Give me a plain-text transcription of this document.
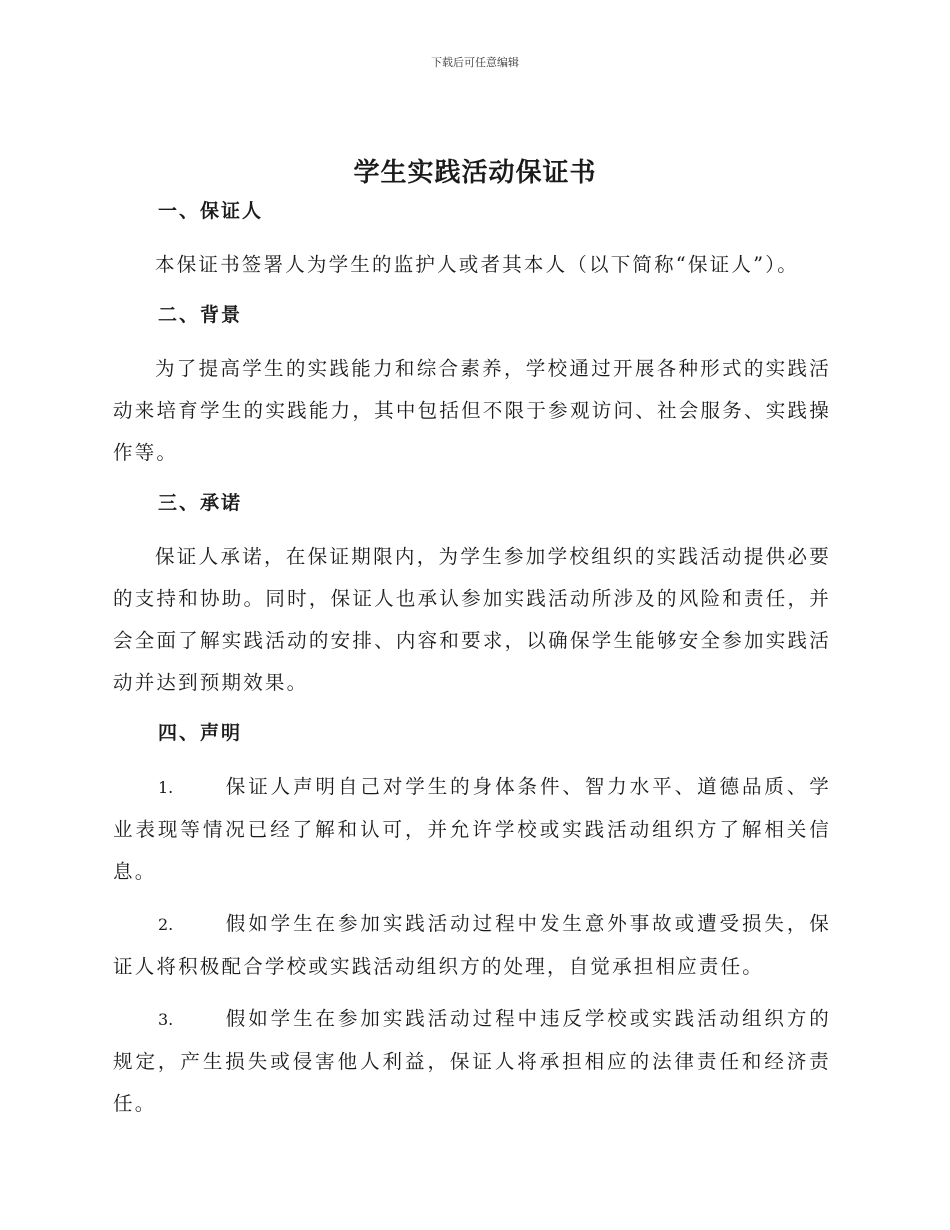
下载后可任意编辑
学生实践活动保证书
一、保证人

本保证书签署人为学生的监护人或者其本人（以下简称“保证人”）。

二、背景

为了提高学生的实践能力和综合素养，学校通过开展各种形式的实践活动来培育学生的实践能力，其中包括但不限于参观访问、社会服务、实践操作等。

三、承诺

保证人承诺，在保证期限内，为学生参加学校组织的实践活动提供必要的支持和协助。同时，保证人也承认参加实践活动所涉及的风险和责任，并会全面了解实践活动的安排、内容和要求，以确保学生能够安全参加实践活动并达到预期效果。

四、声明

1.	保证人声明自己对学生的身体条件、智力水平、道德品质、学业表现等情况已经了解和认可，并允许学校或实践活动组织方了解相关信息。

2.	假如学生在参加实践活动过程中发生意外事故或遭受损失，保证人将积极配合学校或实践活动组织方的处理，自觉承担相应责任。

3.	假如学生在参加实践活动过程中违反学校或实践活动组织方的规定，产生损失或侵害他人利益，保证人将承担相应的法律责任和经济责任。
